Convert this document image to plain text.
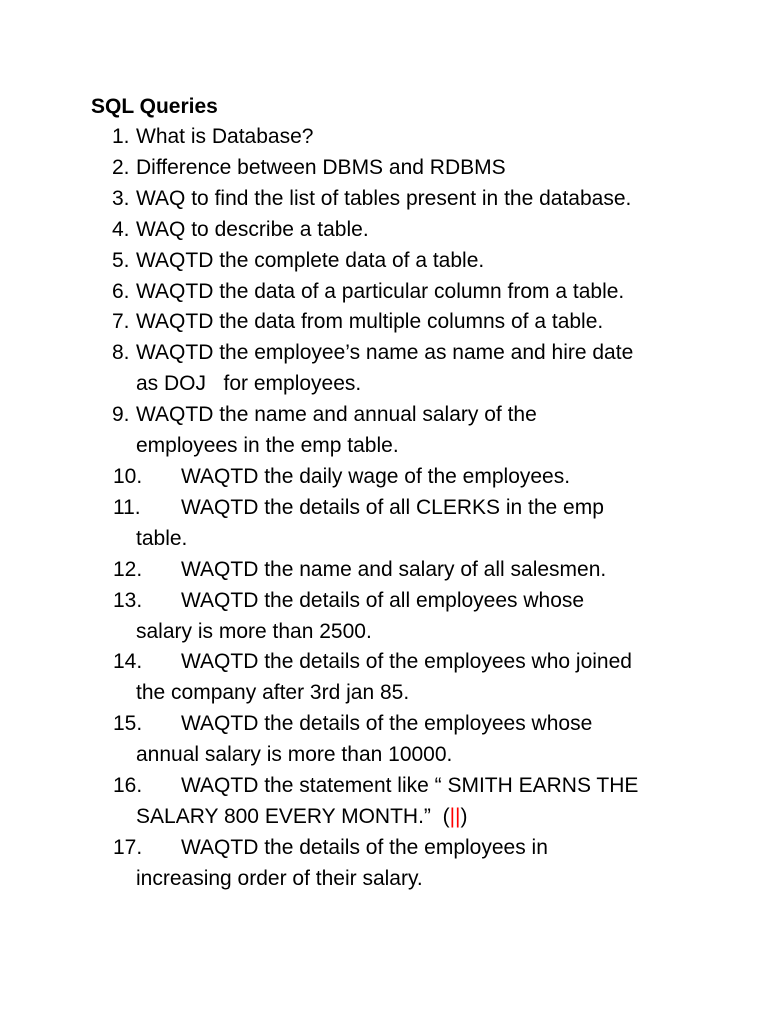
SQL Queries
1. What is Database?
2. Difference between DBMS and RDBMS
3. WAQ to find the list of tables present in the database.
4. WAQ to describe a table.
5. WAQTD the complete data of a table.
6. WAQTD the data of a particular column from a table.
7. WAQTD the data from multiple columns of a table.
8. WAQTD the employee’s name as name and hire date
as DOJ   for employees.
9. WAQTD the name and annual salary of the
employees in the emp table.
10.	WAQTD the daily wage of the employees.
11.	WAQTD the details of all CLERKS in the emp
table.
12.	WAQTD the name and salary of all salesmen.
13.	WAQTD the details of all employees whose
salary is more than 2500.
14.	WAQTD the details of the employees who joined
the company after 3rd jan 85.
15.	WAQTD the details of the employees whose
annual salary is more than 10000.
16.	WAQTD the statement like “ SMITH EARNS THE
SALARY 800 EVERY MONTH.”  (||)
17.	WAQTD the details of the employees in
increasing order of their salary.
